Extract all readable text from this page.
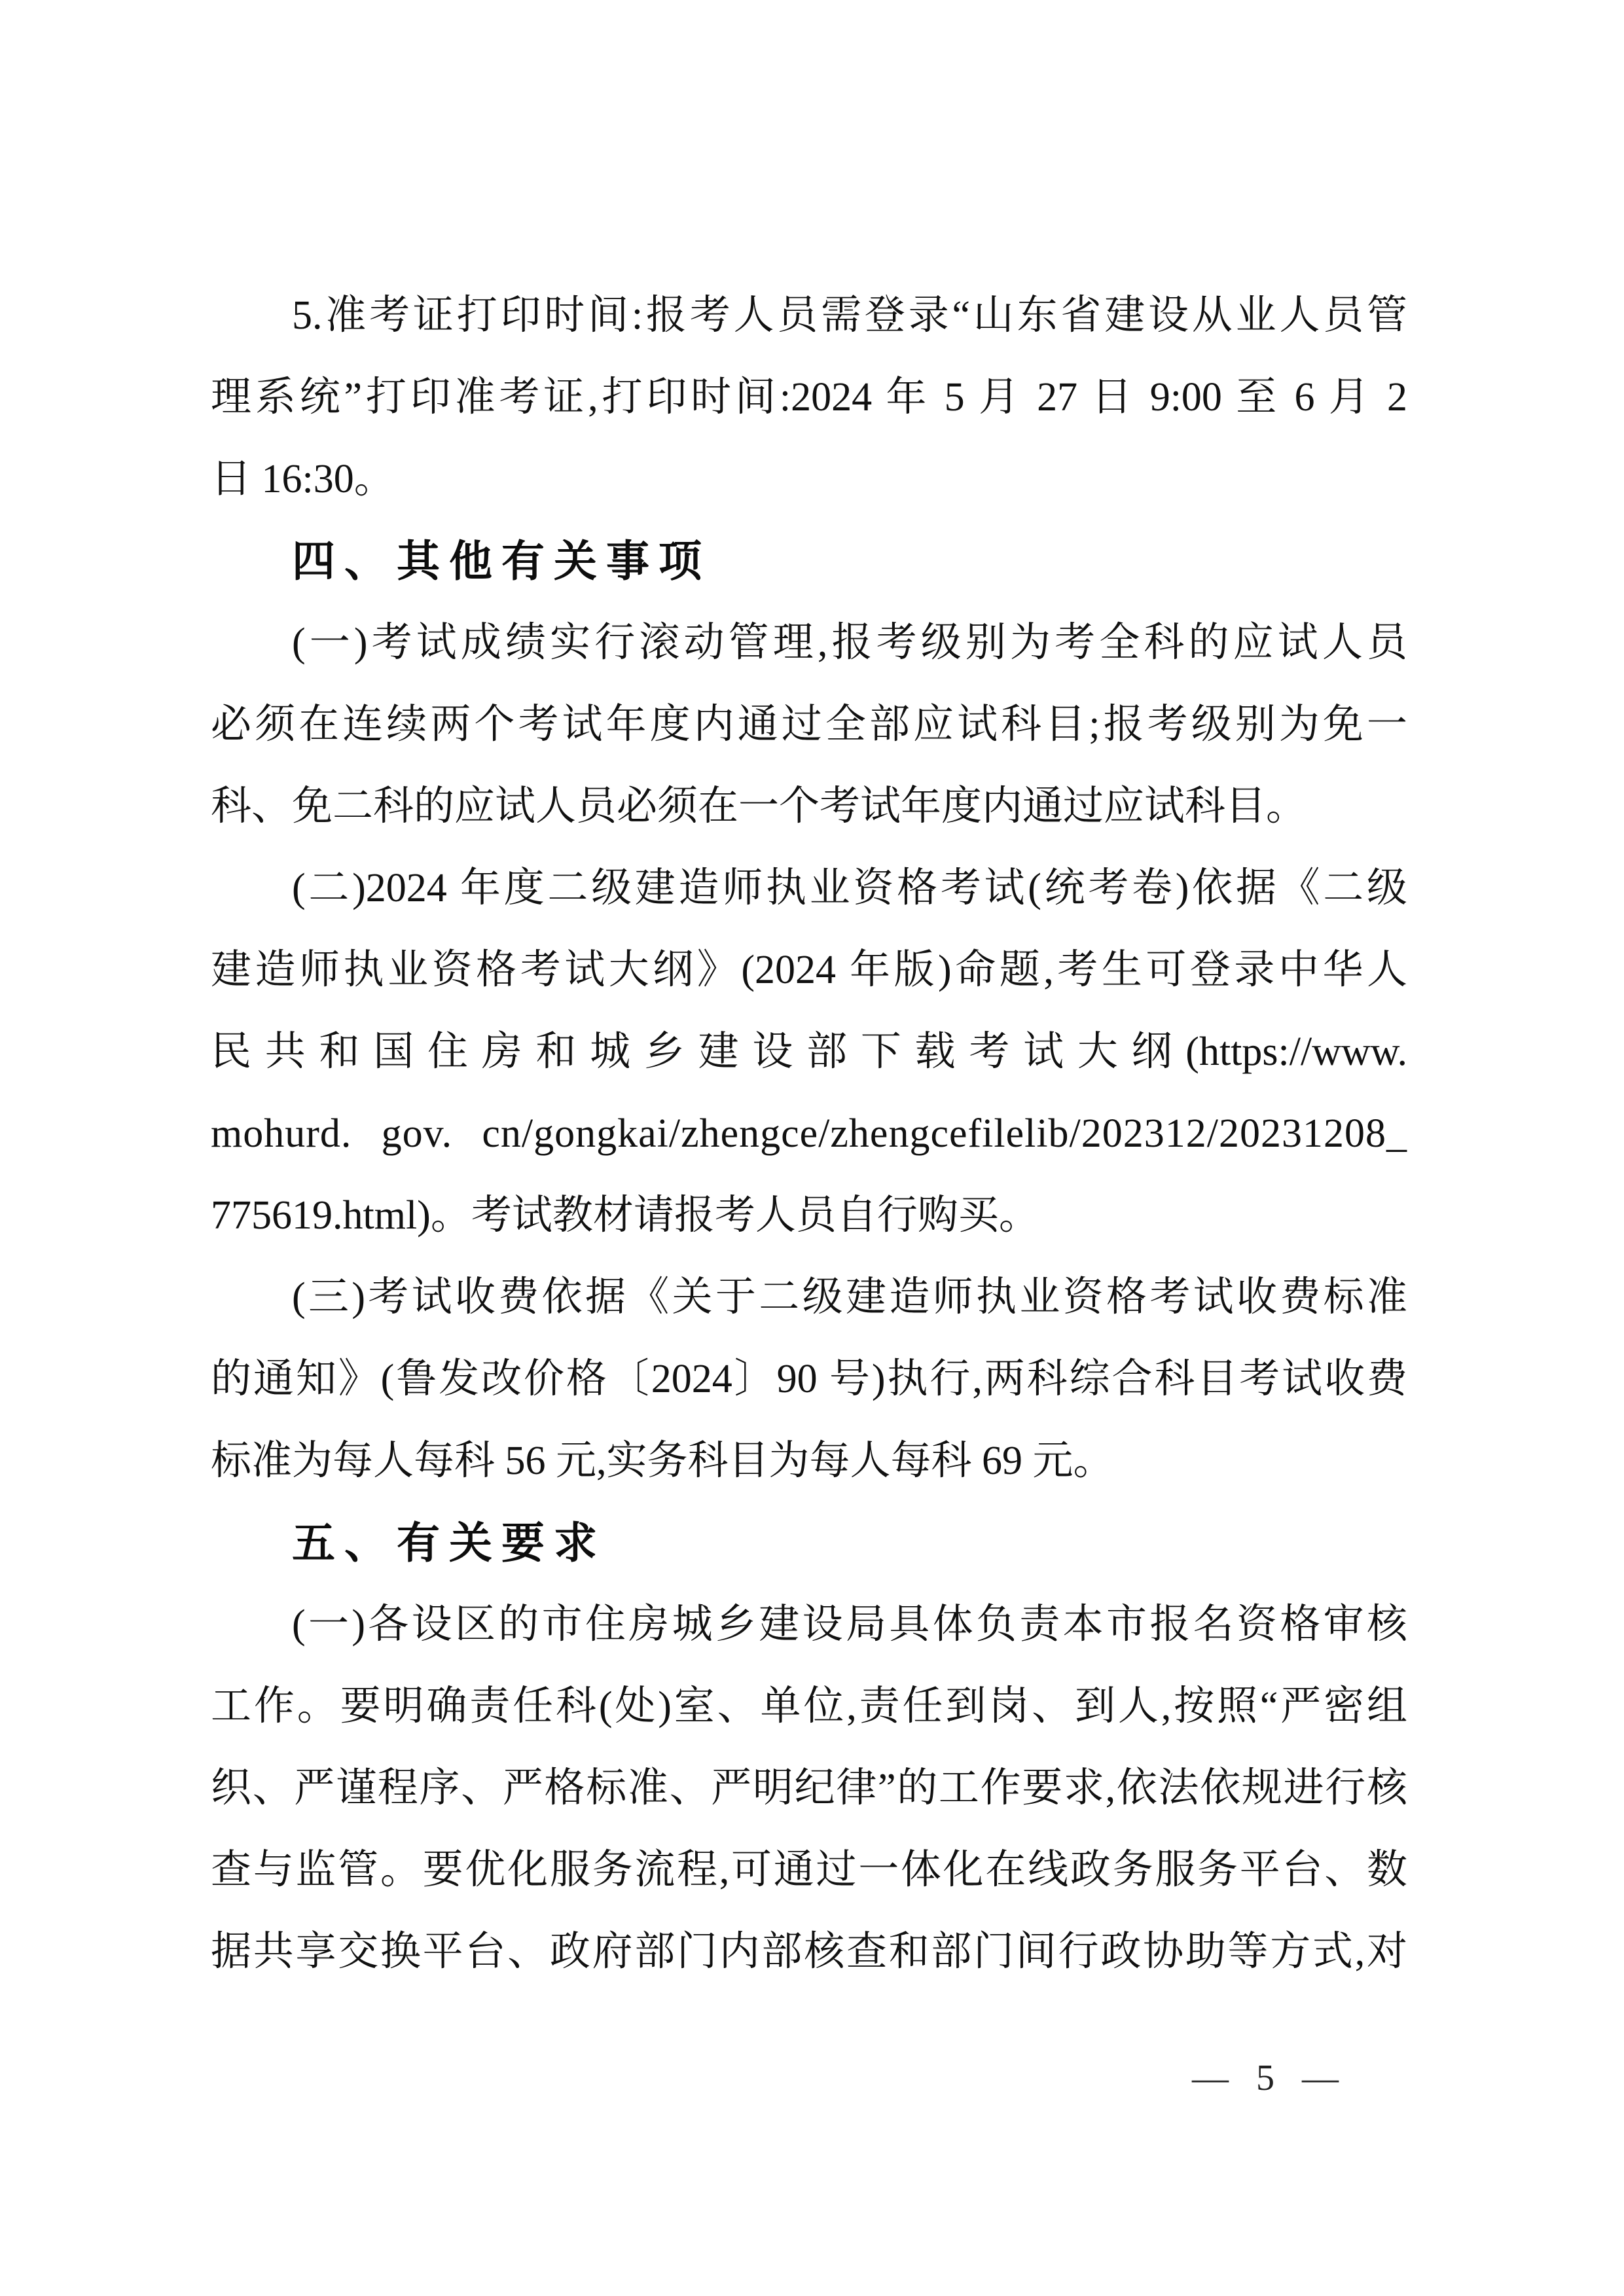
5.准考证打印时间:报考人员需登录“山东省建设从业人员管
理系统”打印准考证,打印时间:2024 年 5 月 27 日 9:00 至 6 月 2
日 16:30。
四、其他有关事项
(一)考试成绩实行滚动管理,报考级别为考全科的应试人员
必须在连续两个考试年度内通过全部应试科目;报考级别为免一
科、免二科的应试人员必须在一个考试年度内通过应试科目。
(二)2024 年度二级建造师执业资格考试(统考卷)依据《二级
建造师执业资格考试大纲》(2024 年版)命题,考生可登录中华人
民共和国住房和城乡建设部下载考试大纲(https://www.
mohurd. gov. cn/gongkai/zhengce/zhengcefilelib/202312/20231208_
775619.html)。考试教材请报考人员自行购买。
(三)考试收费依据《关于二级建造师执业资格考试收费标准
的通知》(鲁发改价格〔2024〕90 号)执行,两科综合科目考试收费
标准为每人每科 56 元,实务科目为每人每科 69 元。
五、有关要求
(一)各设区的市住房城乡建设局具体负责本市报名资格审核
工作。要明确责任科(处)室、单位,责任到岗、到人,按照“严密组
织、严谨程序、严格标准、严明纪律”的工作要求,依法依规进行核
查与监管。要优化服务流程,可通过一体化在线政务服务平台、数
据共享交换平台、政府部门内部核查和部门间行政协助等方式,对
— 5 —
